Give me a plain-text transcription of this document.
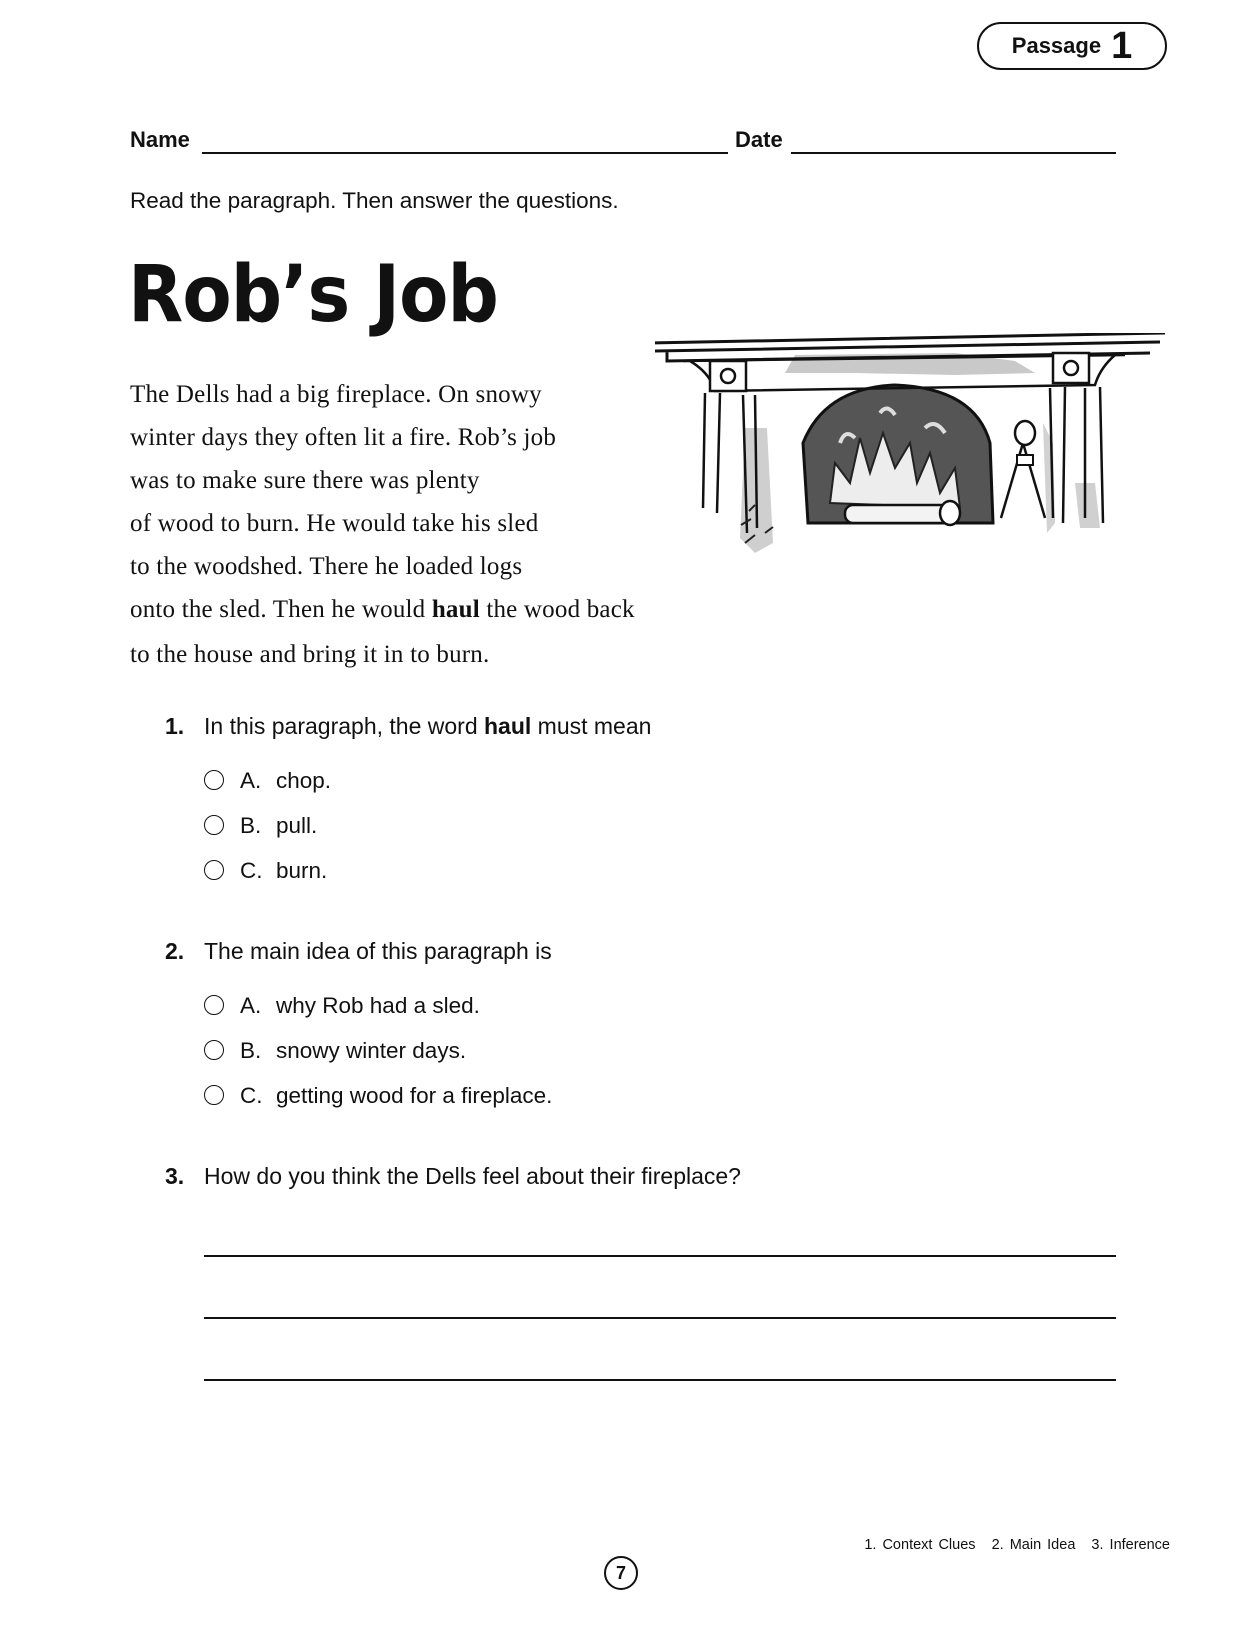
Passage 1
Name	Date
Read the paragraph. Then answer the questions.
Rob’s Job
The Dells had a big fireplace. On snowy
winter days they often lit a fire. Rob’s job
was to make sure there was plenty
of wood to burn. He would take his sled
to the woodshed. There he loaded logs
onto the sled. Then he would haul the wood back
to the house and bring it in to burn.
1. In this paragraph, the word haul must mean
A. chop.
B. pull.
C. burn.
2. The main idea of this paragraph is
A. why Rob had a sled.
B. snowy winter days.
C. getting wood for a fireplace.
3. How do you think the Dells feel about their fireplace?
1. Context Clues 2. Main Idea 3. Inference
7
